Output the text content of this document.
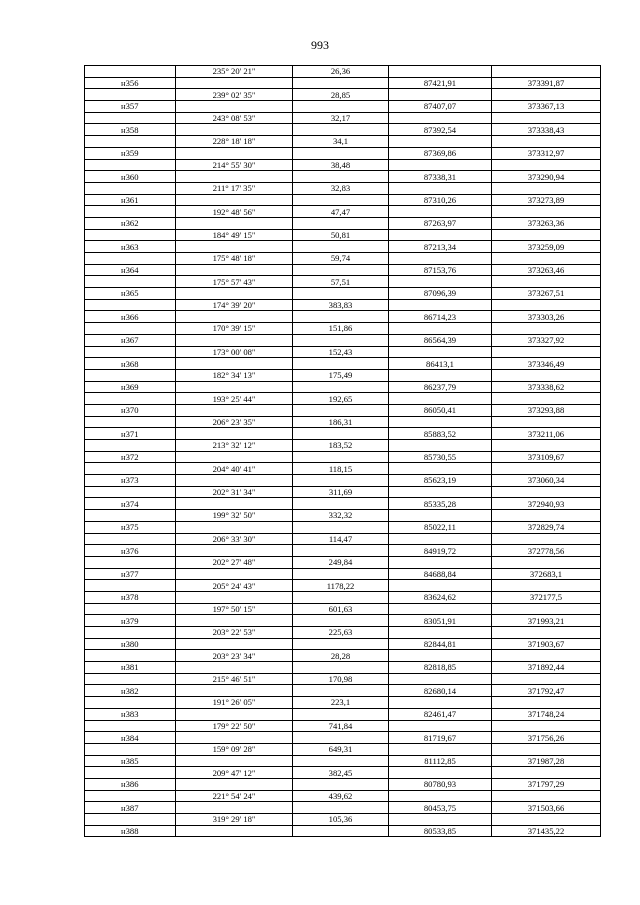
993
	235° 20' 21"	26,36		
н356			87421,91	373391,87
	239° 02' 35"	28,85		
н357			87407,07	373367,13
	243° 08' 53"	32,17		
н358			87392,54	373338,43
	228° 18' 18"	34,1		
н359			87369,86	373312,97
	214° 55' 30"	38,48		
н360			87338,31	373290,94
	211° 17' 35"	32,83		
н361			87310,26	373273,89
	192° 48' 56"	47,47		
н362			87263,97	373263,36
	184° 49' 15"	50,81		
н363			87213,34	373259,09
	175° 48' 18"	59,74		
н364			87153,76	373263,46
	175° 57' 43"	57,51		
н365			87096,39	373267,51
	174° 39' 20"	383,83		
н366			86714,23	373303,26
	170° 39' 15"	151,86		
н367			86564,39	373327,92
	173° 00' 08"	152,43		
н368			86413,1	373346,49
	182° 34' 13"	175,49		
н369			86237,79	373338,62
	193° 25' 44"	192,65		
н370			86050,41	373293,88
	206° 23' 35"	186,31		
н371			85883,52	373211,06
	213° 32' 12"	183,52		
н372			85730,55	373109,67
	204° 40' 41"	118,15		
н373			85623,19	373060,34
	202° 31' 34"	311,69		
н374			85335,28	372940,93
	199° 32' 50"	332,32		
н375			85022,11	372829,74
	206° 33' 30"	114,47		
н376			84919,72	372778,56
	202° 27' 48"	249,84		
н377			84688,84	372683,1
	205° 24' 43"	1178,22		
н378			83624,62	372177,5
	197° 50' 15"	601,63		
н379			83051,91	371993,21
	203° 22' 53"	225,63		
н380			82844,81	371903,67
	203° 23' 34"	28,28		
н381			82818,85	371892,44
	215° 46' 51"	170,98		
н382			82680,14	371792,47
	191° 26' 05"	223,1		
н383			82461,47	371748,24
	179° 22' 50"	741,84		
н384			81719,67	371756,26
	159° 09' 28"	649,31		
н385			81112,85	371987,28
	209° 47' 12"	382,45		
н386			80780,93	371797,29
	221° 54' 24"	439,62		
н387			80453,75	371503,66
	319° 29' 18"	105,36		
н388			80533,85	371435,22
